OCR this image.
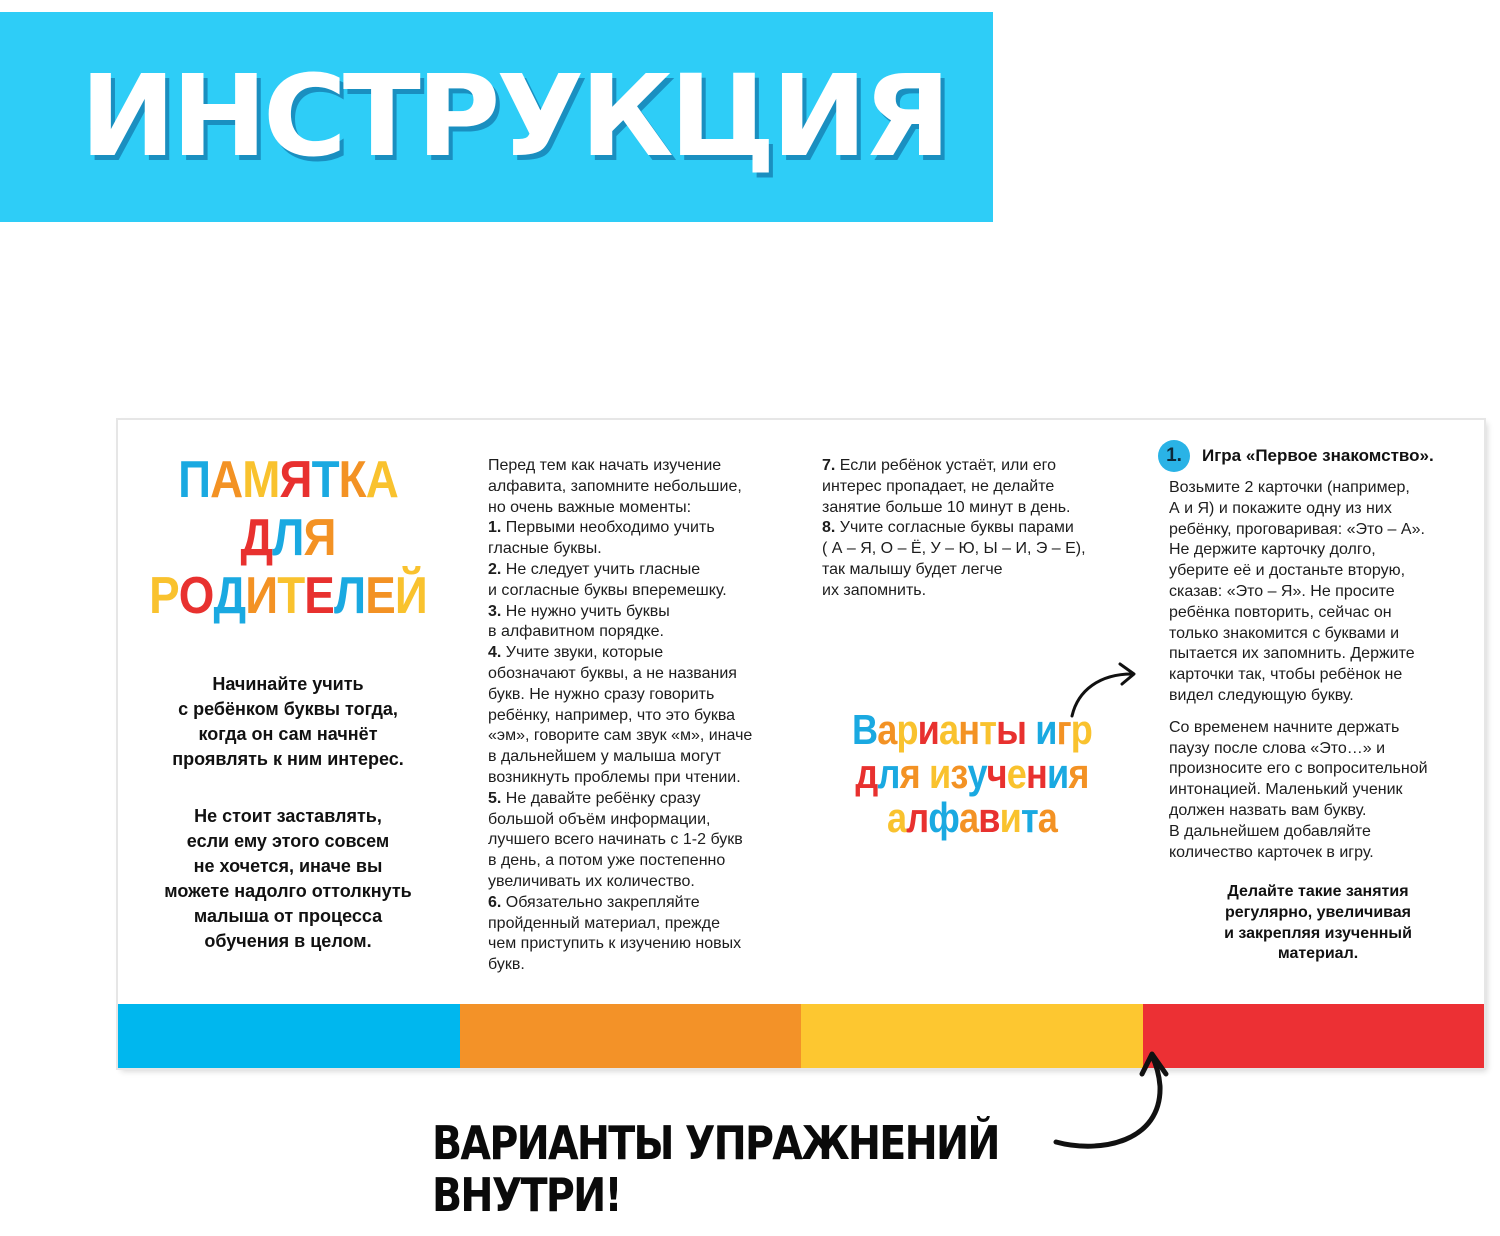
ИНСТРУКЦИЯ
ПАМЯТКА
ДЛЯ
РОДИТЕЛЕЙ
Начинайте учить
с ребёнком буквы тогда,
когда он сам начнёт
проявлять к ним интерес.
Не стоит заставлять,
если ему этого совсем
не хочется, иначе вы
можете надолго оттолкнуть
малыша от процесса
обучения в целом.
Перед тем как начать изучение
алфавита, запомните небольшие,
но очень важные моменты:
1. Первыми необходимо учить
гласные буквы.
2. Не следует учить гласные
и согласные буквы вперемешку.
3. Не нужно учить буквы
в алфавитном порядке.
4. Учите звуки, которые
обозначают буквы, а не названия
букв. Не нужно сразу говорить
ребёнку, например, что это буква
«эм», говорите сам звук «м», иначе
в дальнейшем у малыша могут
возникнуть проблемы при чтении.
5. Не давайте ребёнку сразу
большой объём информации,
лучшего всего начинать с 1-2 букв
в день, а потом уже постепенно
увеличивать их количество.
6. Обязательно закрепляйте
пройденный материал, прежде
чем приступить к изучению новых
букв.
7. Если ребёнок устаёт, или его
интерес пропадает, не делайте
занятие больше 10 минут в день.
8. Учите согласные буквы парами
( А – Я, О – Ё, У – Ю, Ы – И, Э – Е),
так малышу будет легче
их запомнить.
Варианты игр
для изучения
алфавита
1.	Игра «Первое знакомство».
Возьмите 2 карточки (например,
А и Я) и покажите одну из них
ребёнку, проговаривая: «Это – А».
Не держите карточку долго,
уберите её и достаньте вторую,
сказав: «Это – Я». Не просите
ребёнка повторить, сейчас он
только знакомится с буквами и
пытается их запомнить. Держите
карточки так, чтобы ребёнок не
видел следующую букву.
Со временем начните держать
паузу после слова «Это…» и
произносите его с вопросительной
интонацией. Маленький ученик
должен назвать вам букву.
В дальнейшем добавляйте
количество карточек в игру.
Делайте такие занятия
регулярно, увеличивая
и закрепляя изученный
материал.
ВАРИАНТЫ УПРАЖНЕНИЙ
ВНУТРИ!
